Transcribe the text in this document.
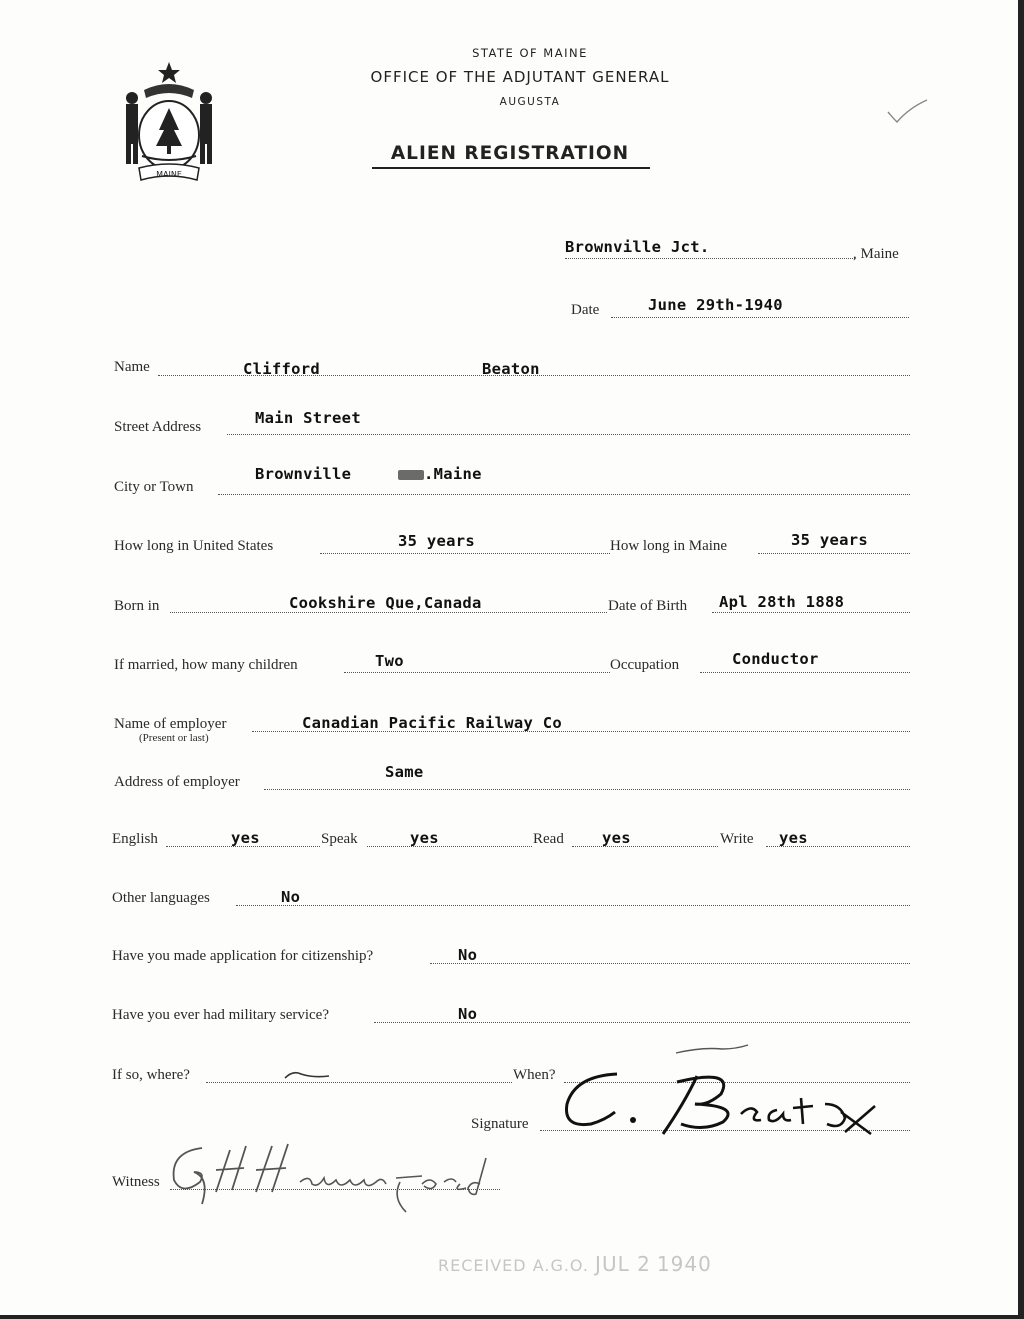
MAINE
STATE OF MAINE
OFFICE OF THE ADJUTANT GENERAL
AUGUSTA
ALIEN REGISTRATION
Brownville Jct.	, Maine
Date	June 29th-1940
Name	Clifford	Beaton
Street Address	Main Street
City or Town
Brownville	.Maine
How long in United States	35 years	How long in Maine	35 years
Born in	Cookshire Que,Canada	Date of Birth Apl 28th 1888
If married, how many children	Two	Occupation	Conductor
Name of employer
(Present or last)
Canadian Pacific Railway Co
Address of employer
Same
English	yes	Speak	yes	Read yes	Write yes
Other languages	No
Have you made application for citizenship?	No
Have you ever had military service?	No
If so, where?	When?
Signature
Witness
RECEIVED A.G.O. JUL 2 1940
